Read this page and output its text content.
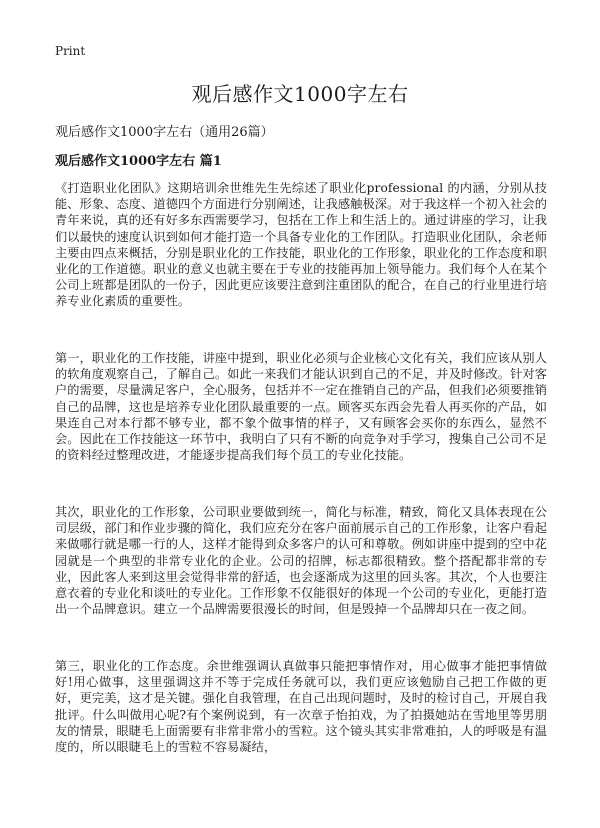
Print
观后感作文1000字左右

观后感作文1000字左右（通用26篇）

观后感作文1000字左右 篇1

《打造职业化团队》这期培训余世维先生先综述了职业化professional 的内涵，分别从技能、形象、态度、道德四个方面进行分别阐述，让我感触极深。对于我这样一个初入社会的青年来说，真的还有好多东西需要学习，包括在工作上和生活上的。通过讲座的学习，让我们以最快的速度认识到如何才能打造一个具备专业化的工作团队。打造职业化团队，余老师主要由四点来概括，分别是职业化的工作技能，职业化的工作形象，职业化的工作态度和职业化的工作道德。职业的意义也就主要在于专业的技能再加上领导能力。我们每个人在某个公司上班都是团队的一份子，因此更应该要注意到注重团队的配合，在自己的行业里进行培养专业化素质的重要性。

第一，职业化的工作技能，讲座中提到，职业化必须与企业核心文化有关，我们应该从别人的软角度观察自己，了解自己。如此一来我们才能认识到自己的不足，并及时修改。针对客户的需要，尽量满足客户，全心服务，包括并不一定在推销自己的产品，但我们必须要推销自己的品牌，这也是培养专业化团队最重要的一点。顾客买东西会先看人再买你的产品，如果连自己对本行都不够专业，都不象个做事情的样子，又有顾客会买你的东西么，显然不会。因此在工作技能这一环节中，我明白了只有不断的向竞争对手学习，搜集自己公司不足的资料经过整理改进，才能逐步提高我们每个员工的专业化技能。

其次，职业化的工作形象，公司职业要做到统一，简化与标准，精致，简化又具体表现在公司层级，部门和作业步骤的简化，我们应充分在客户面前展示自己的工作形象，让客户看起来做哪行就是哪一行的人，这样才能得到众多客户的认可和尊敬。例如讲座中提到的空中花园就是一个典型的非常专业化的企业。公司的招牌，标志都很精致。整个搭配都非常的专业，因此客人来到这里会觉得非常的舒适，也会逐渐成为这里的回头客。其次，个人也要注意衣着的专业化和谈吐的专业化。工作形象不仅能很好的体现一个公司的专业化，更能打造出一个品牌意识。建立一个品牌需要很漫长的时间，但是毁掉一个品牌却只在一夜之间。

第三，职业化的工作态度。余世维强调认真做事只能把事情作对，用心做事才能把事情做好!用心做事，这里强调这并不等于完成任务就可以，我们更应该勉励自己把工作做的更好，更完美，这才是关键。强化自我管理，在自己出现问题时，及时的检讨自己，开展自我批评。什么叫做用心呢?有个案例说到，有一次章子怡拍戏，为了拍摄她站在雪地里等男朋友的情景，眼睫毛上面需要有非常非常小的雪粒。这个镜头其实非常难拍，人的呼吸是有温度的，所以眼睫毛上的雪粒不容易凝结，
